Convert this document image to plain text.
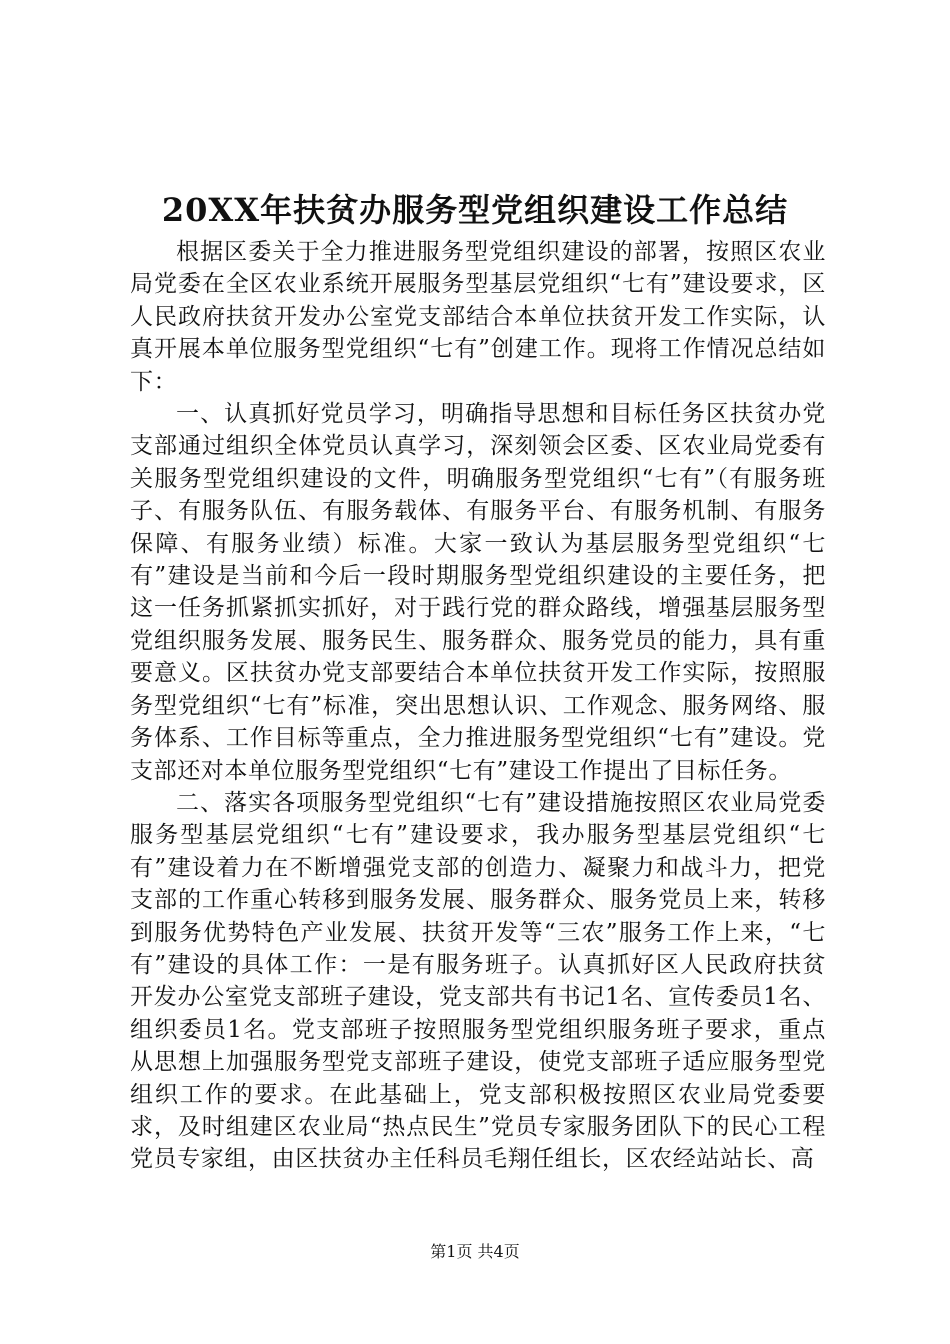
20XX年扶贫办服务型党组织建设工作总结

根据区委关于全力推进服务型党组织建设的部署，按照区农业局党委在全区农业系统开展服务型基层党组织“七有”建设要求，区人民政府扶贫开发办公室党支部结合本单位扶贫开发工作实际，认真开展本单位服务型党组织“七有”创建工作。现将工作情况总结如下：

一、认真抓好党员学习，明确指导思想和目标任务区扶贫办党支部通过组织全体党员认真学习，深刻领会区委、区农业局党委有关服务型党组织建设的文件，明确服务型党组织“七有”（有服务班子、有服务队伍、有服务载体、有服务平台、有服务机制、有服务保障、有服务业绩）标准。大家一致认为基层服务型党组织“七有”建设是当前和今后一段时期服务型党组织建设的主要任务，把这一任务抓紧抓实抓好，对于践行党的群众路线，增强基层服务型党组织服务发展、服务民生、服务群众、服务党员的能力，具有重要意义。区扶贫办党支部要结合本单位扶贫开发工作实际，按照服务型党组织“七有”标准，突出思想认识、工作观念、服务网络、服务体系、工作目标等重点，全力推进服务型党组织“七有”建设。党支部还对本单位服务型党组织“七有”建设工作提出了目标任务。

二、落实各项服务型党组织“七有”建设措施按照区农业局党委服务型基层党组织“七有”建设要求，我办服务型基层党组织“七有”建设着力在不断增强党支部的创造力、凝聚力和战斗力，把党支部的工作重心转移到服务发展、服务群众、服务党员上来，转移到服务优势特色产业发展、扶贫开发等“三农”服务工作上来，“七有”建设的具体工作：一是有服务班子。认真抓好区人民政府扶贫开发办公室党支部班子建设，党支部共有书记1名、宣传委员1名、组织委员1名。党支部班子按照服务型党组织服务班子要求，重点从思想上加强服务型党支部班子建设，使党支部班子适应服务型党组织工作的要求。在此基础上，党支部积极按照区农业局党委要求，及时组建区农业局“热点民生”党员专家服务团队下的民心工程党员专家组，由区扶贫办主任科员毛翔任组长，区农经站站长、高

第1页 共4页
